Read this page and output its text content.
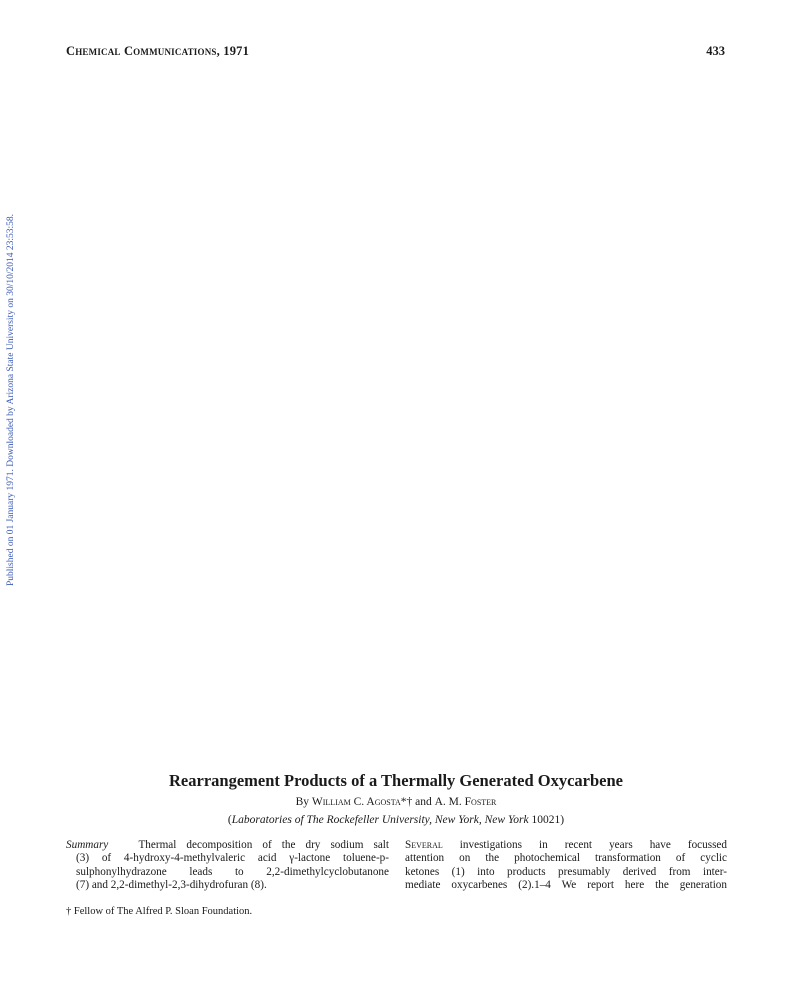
Chemical Communications, 1971	433
Published on 01 January 1971. Downloaded by Arizona State University on 30/10/2014 23:53:58.
Rearrangement Products of a Thermally Generated Oxycarbene
By William C. Agosta*† and A. M. Foster
(Laboratories of The Rockefeller University, New York, New York 10021)
Summary	Thermal decomposition of the dry sodium salt
(3) of 4-hydroxy-4-methylvaleric acid γ-lactone toluene-p-
sulphonylhydrazone leads to 2,2-dimethylcyclobutanone
(7) and 2,2-dimethyl-2,3-dihydrofuran (8).
Several investigations in recent years have focussed
attention on the photochemical transformation of cyclic
ketones (1) into products presumably derived from inter-
mediate oxycarbenes (2).1–4 We report here the generation
† Fellow of The Alfred P. Sloan Foundation.
